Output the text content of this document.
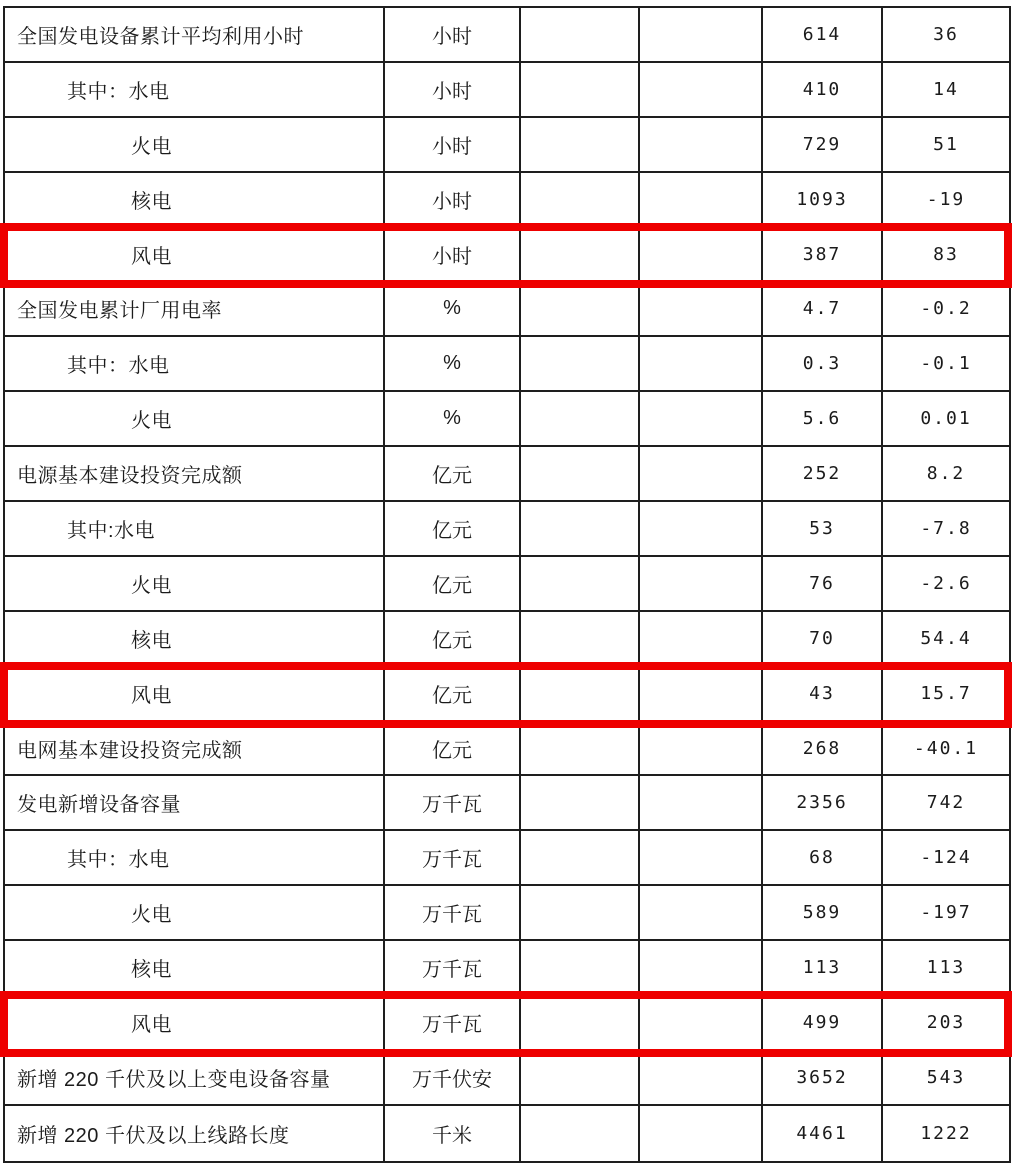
全国发电设备累计平均利用小时	小时	614	36
其中：水电	小时	410	14
火电	小时	729	51
核电	小时	1093	-19
风电	小时	387	83
全国发电累计厂用电率	%	4.7	-0.2
其中：水电	%	0.3	-0.1
火电	%	5.6	0.01
电源基本建设投资完成额	亿元	252	8.2
其中:水电	亿元	53	-7.8
火电	亿元	76	-2.6
核电	亿元	70	54.4
风电	亿元	43	15.7
电网基本建设投资完成额	亿元	268	-40.1
发电新增设备容量	万千瓦	2356	742
其中：水电	万千瓦	68	-124
火电	万千瓦	589	-197
核电	万千瓦	113	113
风电	万千瓦	499	203
新增 220 千伏及以上变电设备容量	万千伏安	3652	543
新增 220 千伏及以上线路长度	千米	4461	1222
